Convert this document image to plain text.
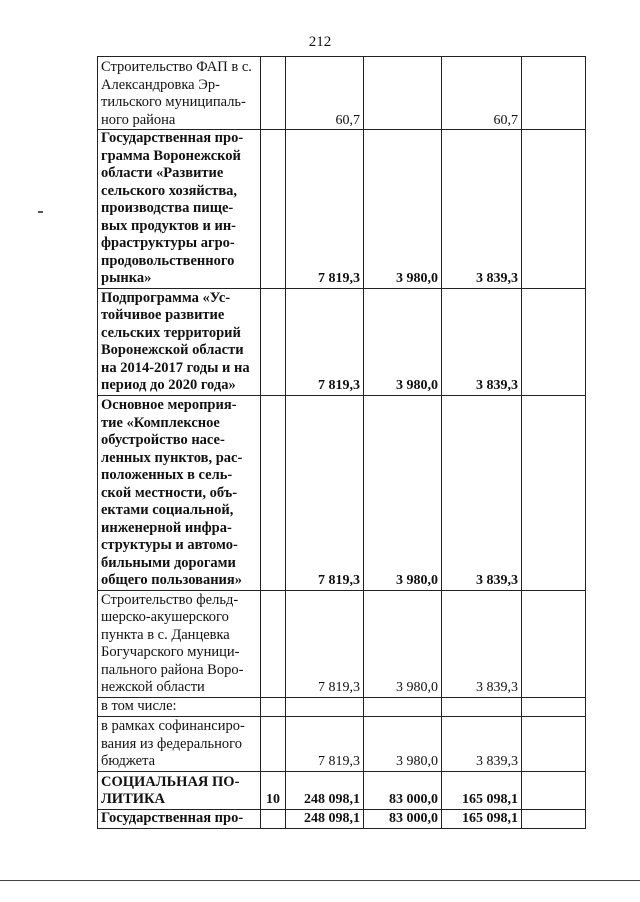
212
Строительство ФАП в с. Александровка Эр-тильского муниципаль-ного района		60,7		60,7	
Государственная про-грамма Воронежской области «Развитие сельского хозяйства, производства пище-вых продуктов и ин-фраструктуры агро-продовольственного рынка»		7 819,3	3 980,0	3 839,3	
Подпрограмма «Ус-тойчивое развитие сельских территорий Воронежской области на 2014-2017 годы и на период до 2020 года»		7 819,3	3 980,0	3 839,3	
Основное мероприя-тие «Комплексное обустройство насе-ленных пунктов, рас-положенных в сель-ской местности, объ-ектами социальной, инженерной инфра-структуры и автомо-бильными дорогами общего пользования»		7 819,3	3 980,0	3 839,3	
Строительство фельд-шерско-акушерского пункта в с. Данцевка Богучарского муници-пального района Воро-нежской области		7 819,3	3 980,0	3 839,3	
в том числе:					
в рамках софинансиро-вания из федерального бюджета		7 819,3	3 980,0	3 839,3	
СОЦИАЛЬНАЯ ПО-ЛИТИКА	10	248 098,1	83 000,0	165 098,1	
Государственная про-		248 098,1	83 000,0	165 098,1	
